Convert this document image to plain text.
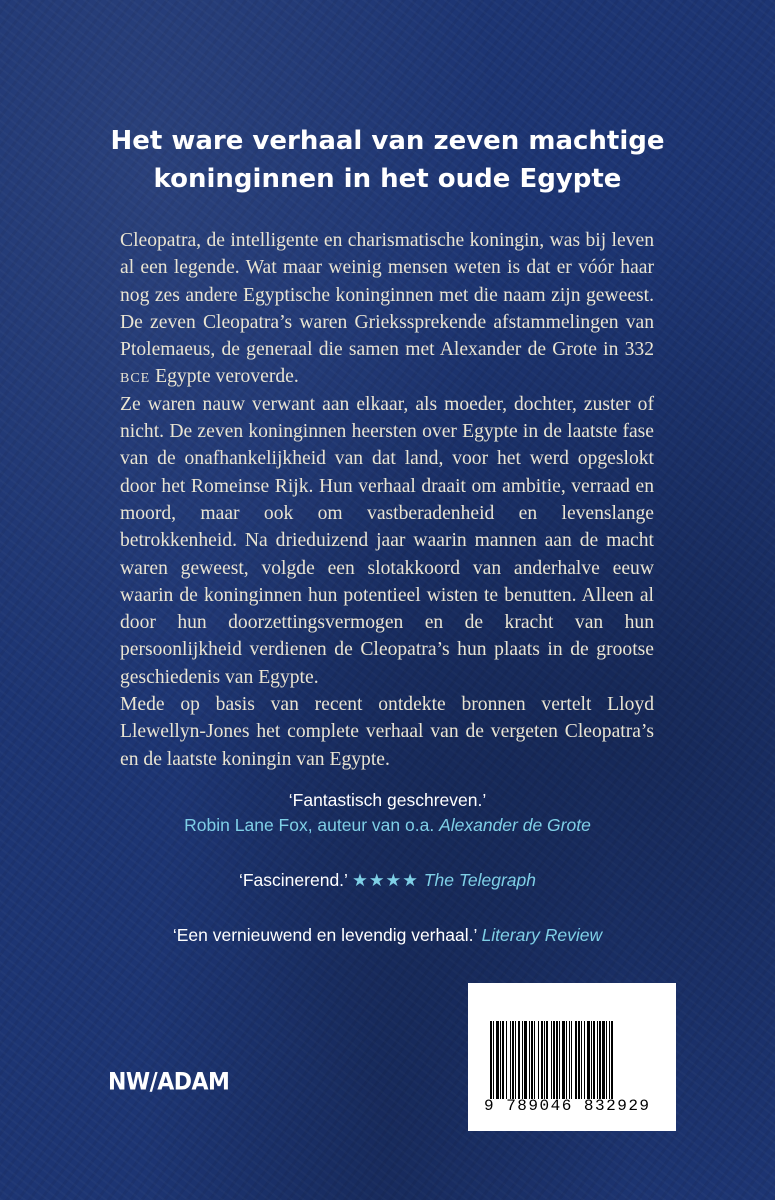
Het ware verhaal van zeven machtige
koninginnen in het oude Egypte

Cleopatra, de intelligente en charismatische koningin, was bij leven al een legende. Wat maar weinig mensen weten is dat er vóór haar nog zes andere Egyptische koninginnen met die naam zijn geweest. De zeven Cleopatra’s waren Griekssprekende afstammelingen van Ptolemaeus, de generaal die samen met Alexander de Grote in 332 bce Egypte veroverde.

Ze waren nauw verwant aan elkaar, als moeder, dochter, zuster of nicht. De zeven koninginnen heersten over Egypte in de laatste fase van de onafhankelijkheid van dat land, voor het werd opgeslokt door het Romeinse Rijk. Hun verhaal draait om ambitie, verraad en moord, maar ook om vastberadenheid en levenslange betrokkenheid. Na drieduizend jaar waarin mannen aan de macht waren geweest, volgde een slotakkoord van anderhalve eeuw waarin de koninginnen hun potentieel wisten te benutten. Alleen al door hun doorzettingsvermogen en de kracht van hun persoonlijkheid verdienen de Cleopatra’s hun plaats in de grootse geschiedenis van Egypte.

Mede op basis van recent ontdekte bronnen vertelt Lloyd Llewellyn-Jones het complete verhaal van de vergeten Cleopatra’s en de laatste koningin van Egypte.

‘Fantastisch geschreven.’
Robin Lane Fox, auteur van o.a. Alexander de Grote
‘Fascinerend.’ ★★★★ The Telegraph
‘Een vernieuwend en levendig verhaal.’ Literary Review
NW/ADAM
9 789046 832929
